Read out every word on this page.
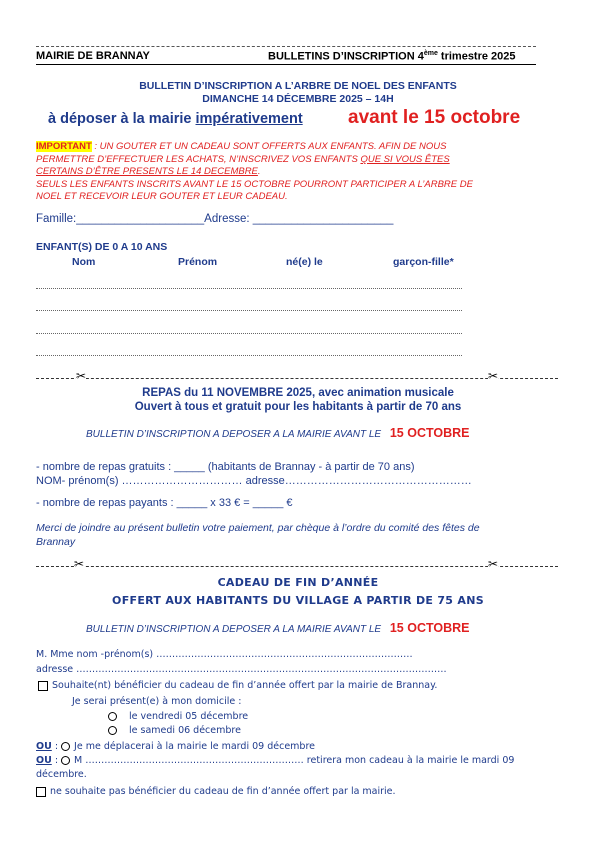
MAIRIE DE BRANNAY	BULLETINS D’INSCRIPTION 4ème trimestre 2025
BULLETIN D’INSCRIPTION A L’ARBRE DE NOEL DES ENFANTS
DIMANCHE 14 DÉCEMBRE 2025 – 14H
à déposer à la mairie impérativement avant le 15 octobre
IMPORTANT : UN GOUTER ET UN CADEAU SONT OFFERTS AUX ENFANTS. AFIN DE NOUS
PERMETTRE D’EFFECTUER LES ACHATS, N’INSCRIVEZ VOS ENFANTS QUE SI VOUS ÊTES
CERTAINS D’ÊTRE PRESENTS LE 14 DECEMBRE.
SEULS LES ENFANTS INSCRITS AVANT LE 15 OCTOBRE POURRONT PARTICIPER A L’ARBRE DE
NOEL ET RECEVOIR LEUR GOUTER ET LEUR CADEAU.
Famille:____________________Adresse: ______________________
ENFANT(S) DE 0 A 10 ANS
Nom	Prénom	né(e) le	garçon-fille*
✂	✂
REPAS du 11 NOVEMBRE 2025, avec animation musicale
Ouvert à tous et gratuit pour les habitants à partir de 70 ans
BULLETIN D’INSCRIPTION A DEPOSER A LA MAIRIE AVANT LE 15 OCTOBRE
- nombre de repas gratuits : _____ (habitants de Brannay - à partir de 70 ans)
NOM- prénom(s) …………………………… adresse……………………………………………
- nombre de repas payants : _____ x 33 € = _____ €
Merci de joindre au présent bulletin votre paiement, par chèque à l’ordre du comité des fêtes de
Brannay
✂	✂
CADEAU DE FIN D’ANNÉE
OFFERT AUX HABITANTS DU VILLAGE A PARTIR DE 75 ANS
BULLETIN D’INSCRIPTION A DEPOSER A LA MAIRIE AVANT LE 15 OCTOBRE
M. Mme nom -prénom(s) ………………………………………………………………………
adresse ………………………………………………………………………………………………………
Souhaite(nt) bénéficier du cadeau de fin d’année offert par la mairie de Brannay.
Je serai présent(e) à mon domicile :
le vendredi 05 décembre
le samedi 06 décembre
OU : Je me déplacerai à la mairie le mardi 09 décembre
OU : M …………………………………………………………… retirera mon cadeau à la mairie le mardi 09
décembre.
ne souhaite pas bénéficier du cadeau de fin d’année offert par la mairie.
